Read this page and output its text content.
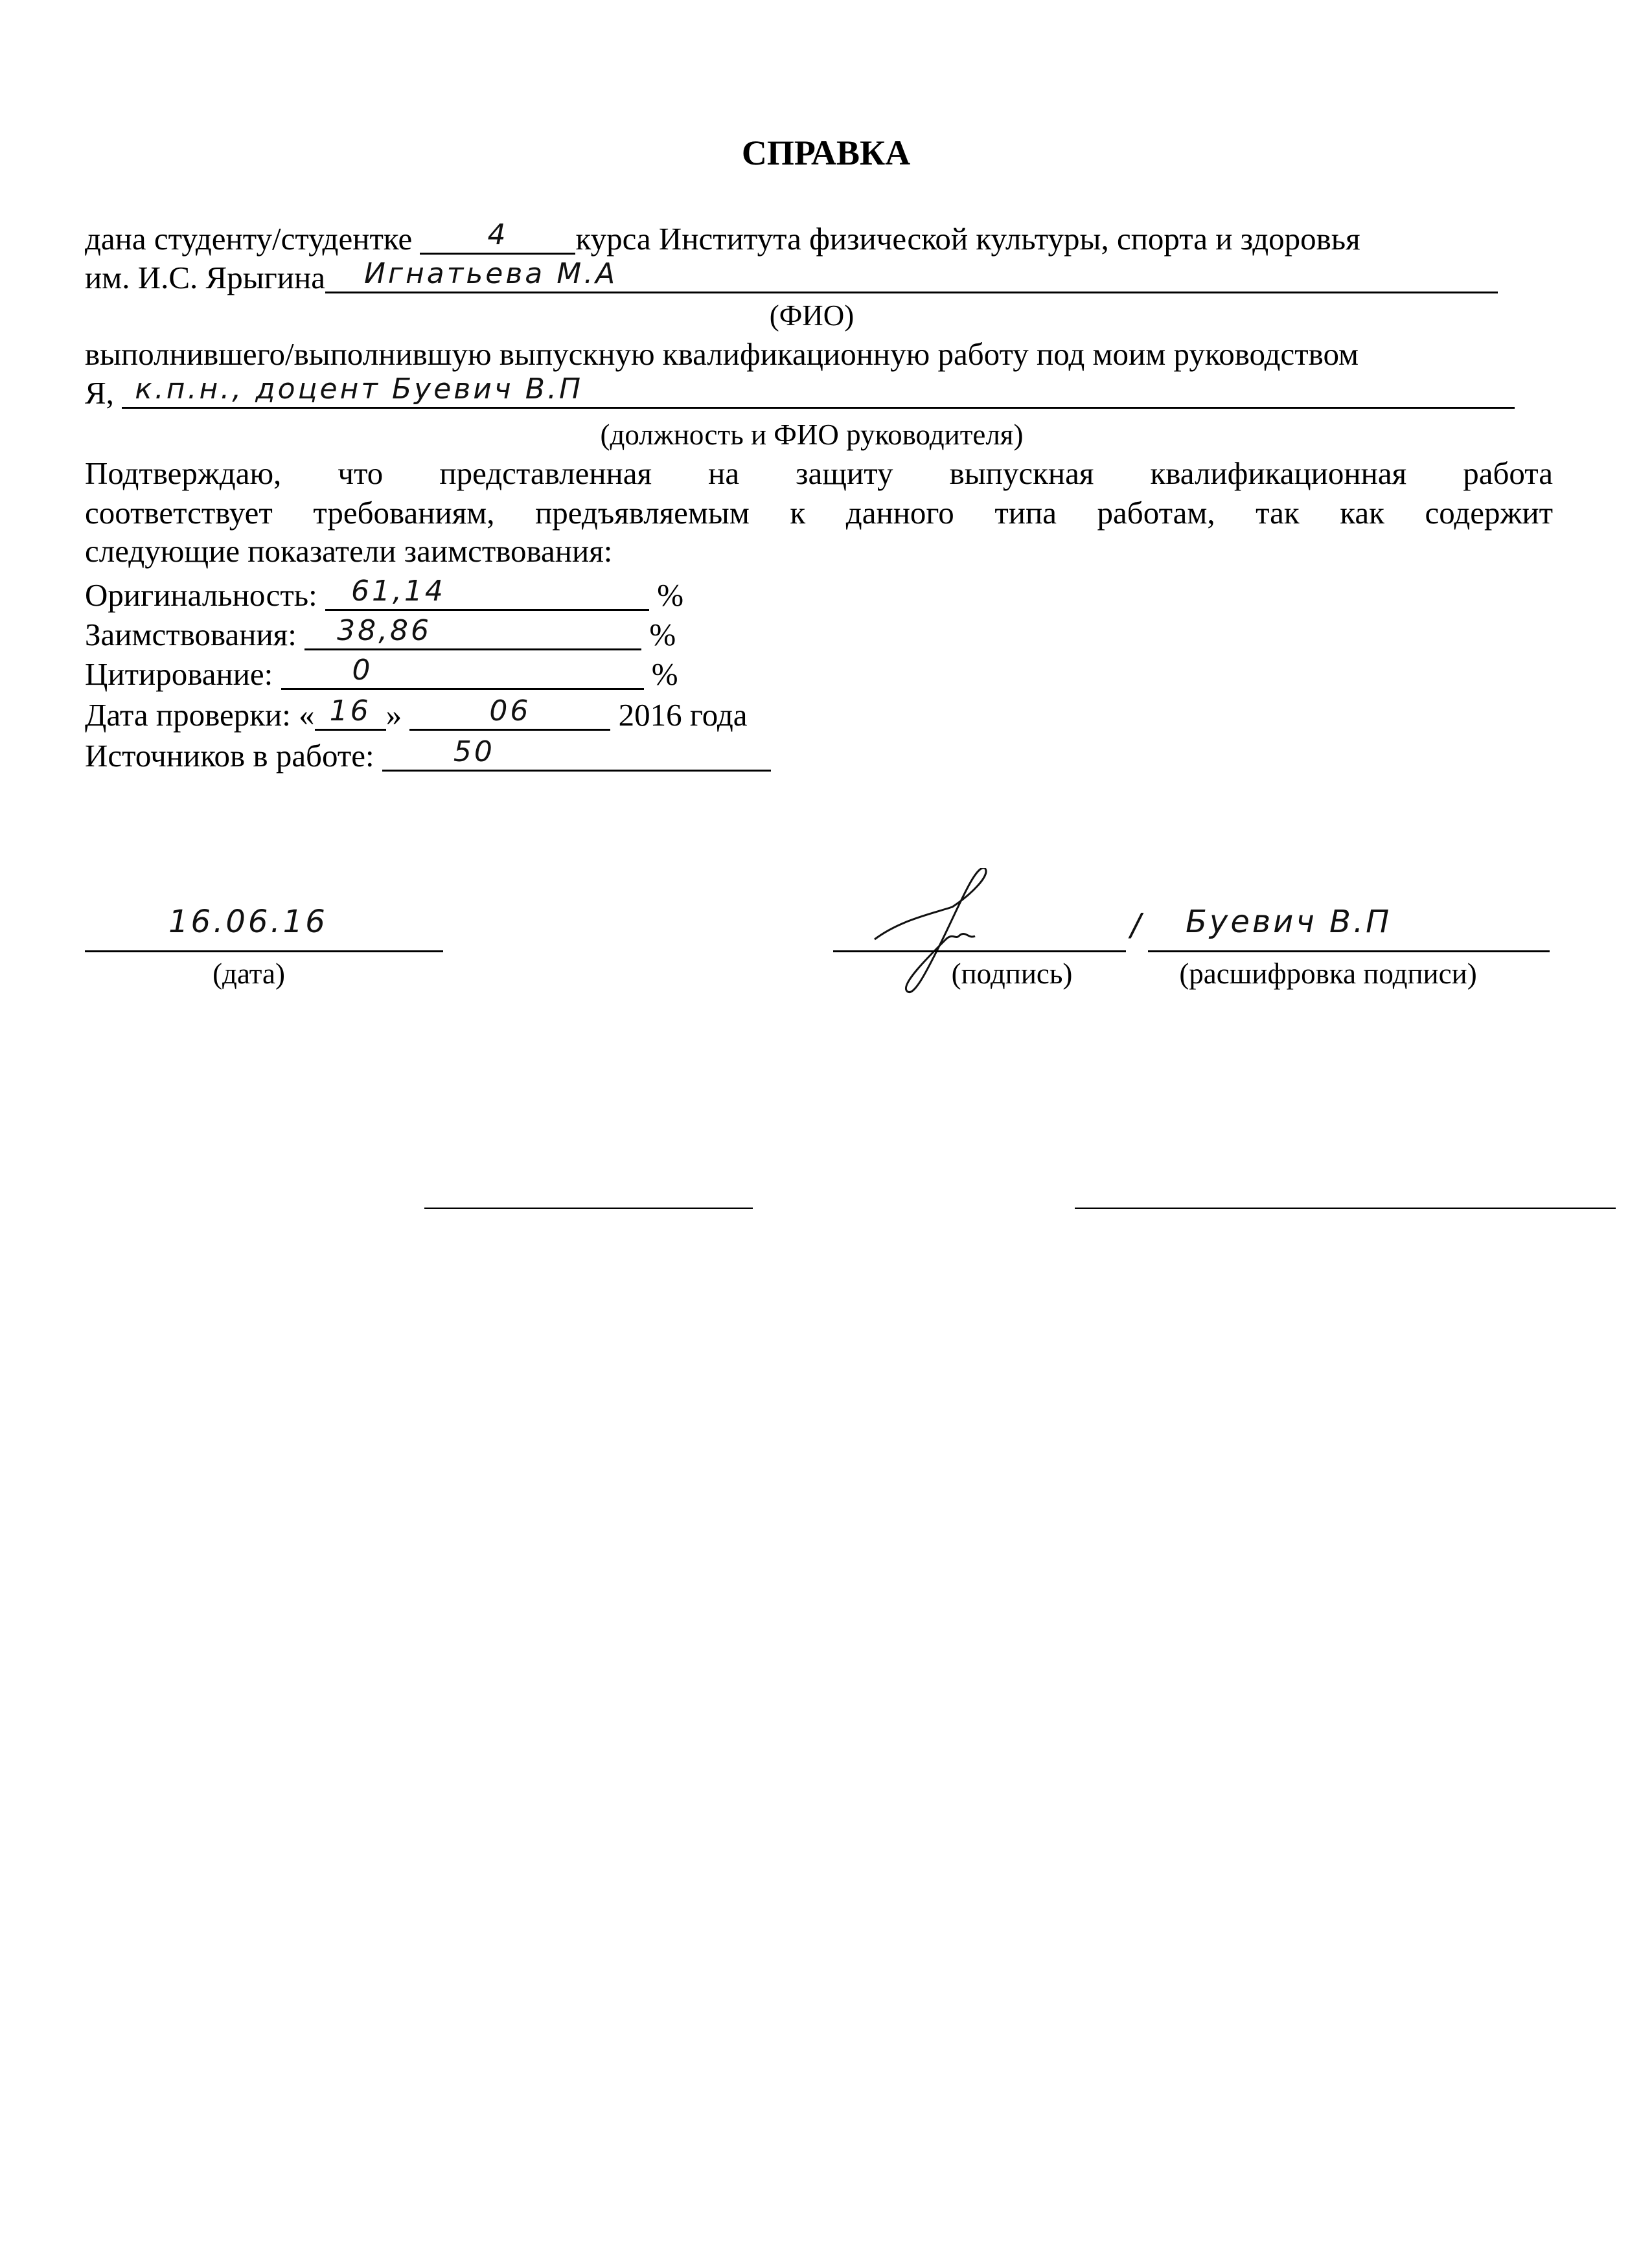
СПРАВКА
дана студенту/студентке	4 курса Института физической культуры, спорта и здоровья
им. И.С. Ярыгина Игнатьева М.А
(ФИО)
выполнившего/выполнившую выпускную квалификационную работу под моим руководством
Я, к.п.н., доцент Буевич В.П
(должность и ФИО руководителя)
Подтверждаю, что представленная на защиту выпускная квалификационная работа
соответствует требованиям, предъявляемым к данного типа работам, так как содержит
следующие показатели заимствования:
Оригинальность: 61,14	%
Заимствования: 38,86	%
Цитирование:	0	%
Дата проверки: « 16 »	06	2016 года
Источников в работе:	50
16.06.16
(дата)
/ Буевич В.П
(подпись)	(расшифровка подписи)
